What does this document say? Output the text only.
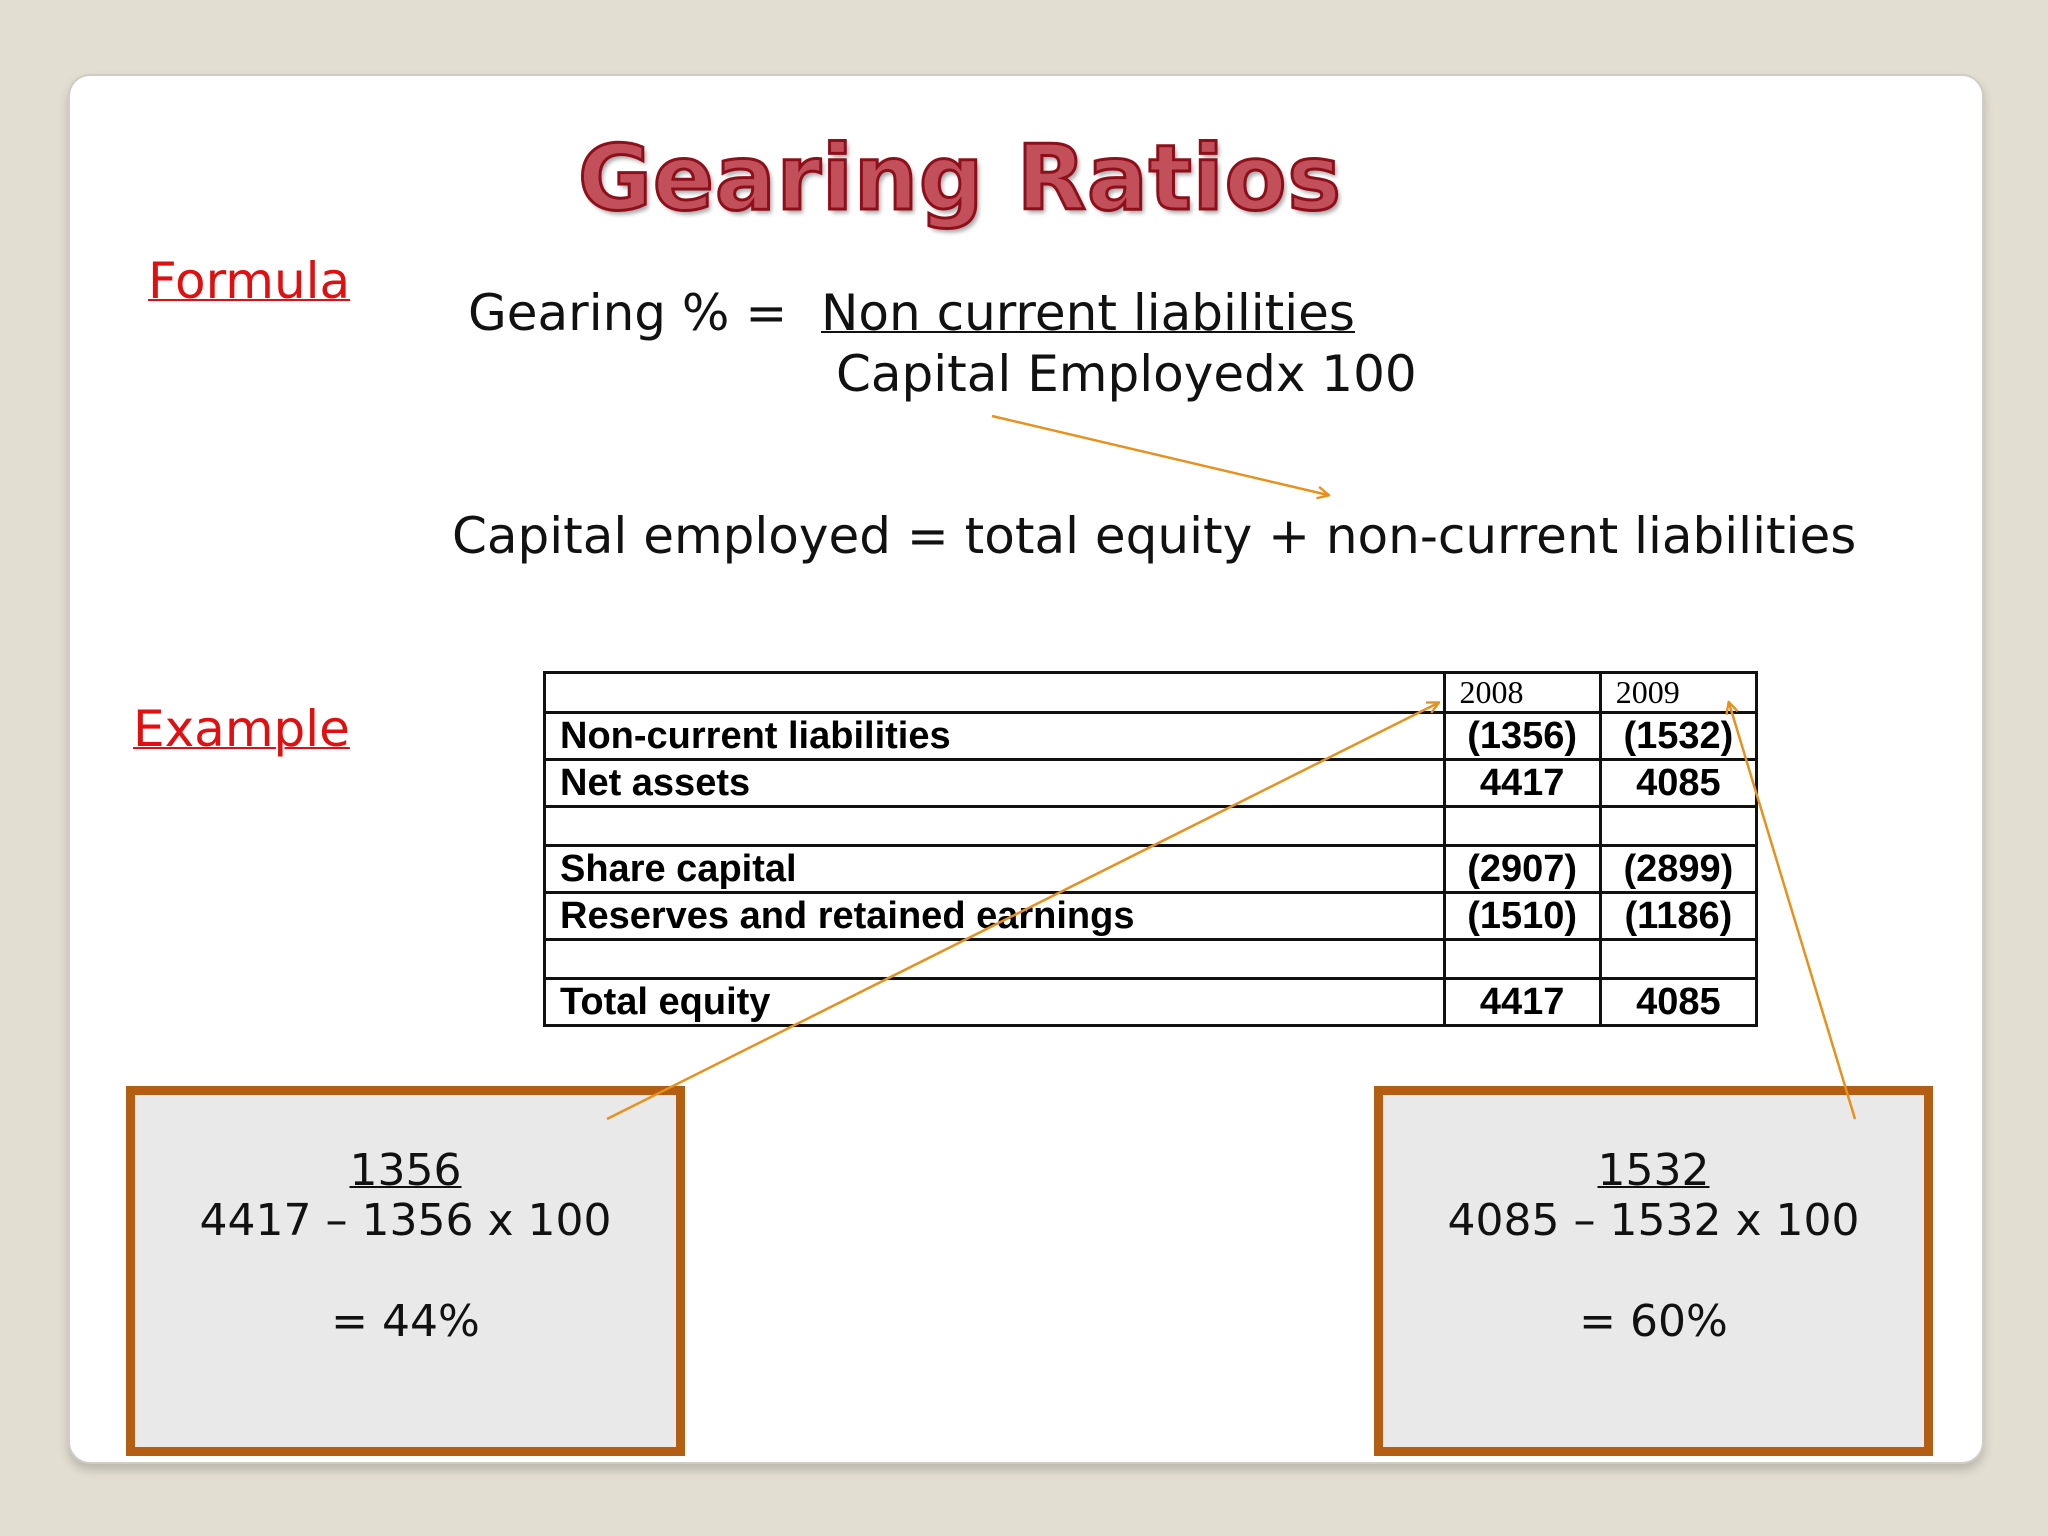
Gearing Ratios
Formula
Example
Gearing % = Non current liabilities
Capital Employedx 100
Capital employed = total equity + non-current liabilities
	2008	2009
Non-current liabilities	(1356)	(1532)
Net assets	4417	4085

Share capital	(2907)	(2899)
Reserves and retained earnings	(1510)	(1186)

Total equity	4417	4085
1356
4417 – 1356 x 100
= 44%
1532
4085 – 1532 x 100
= 60%
